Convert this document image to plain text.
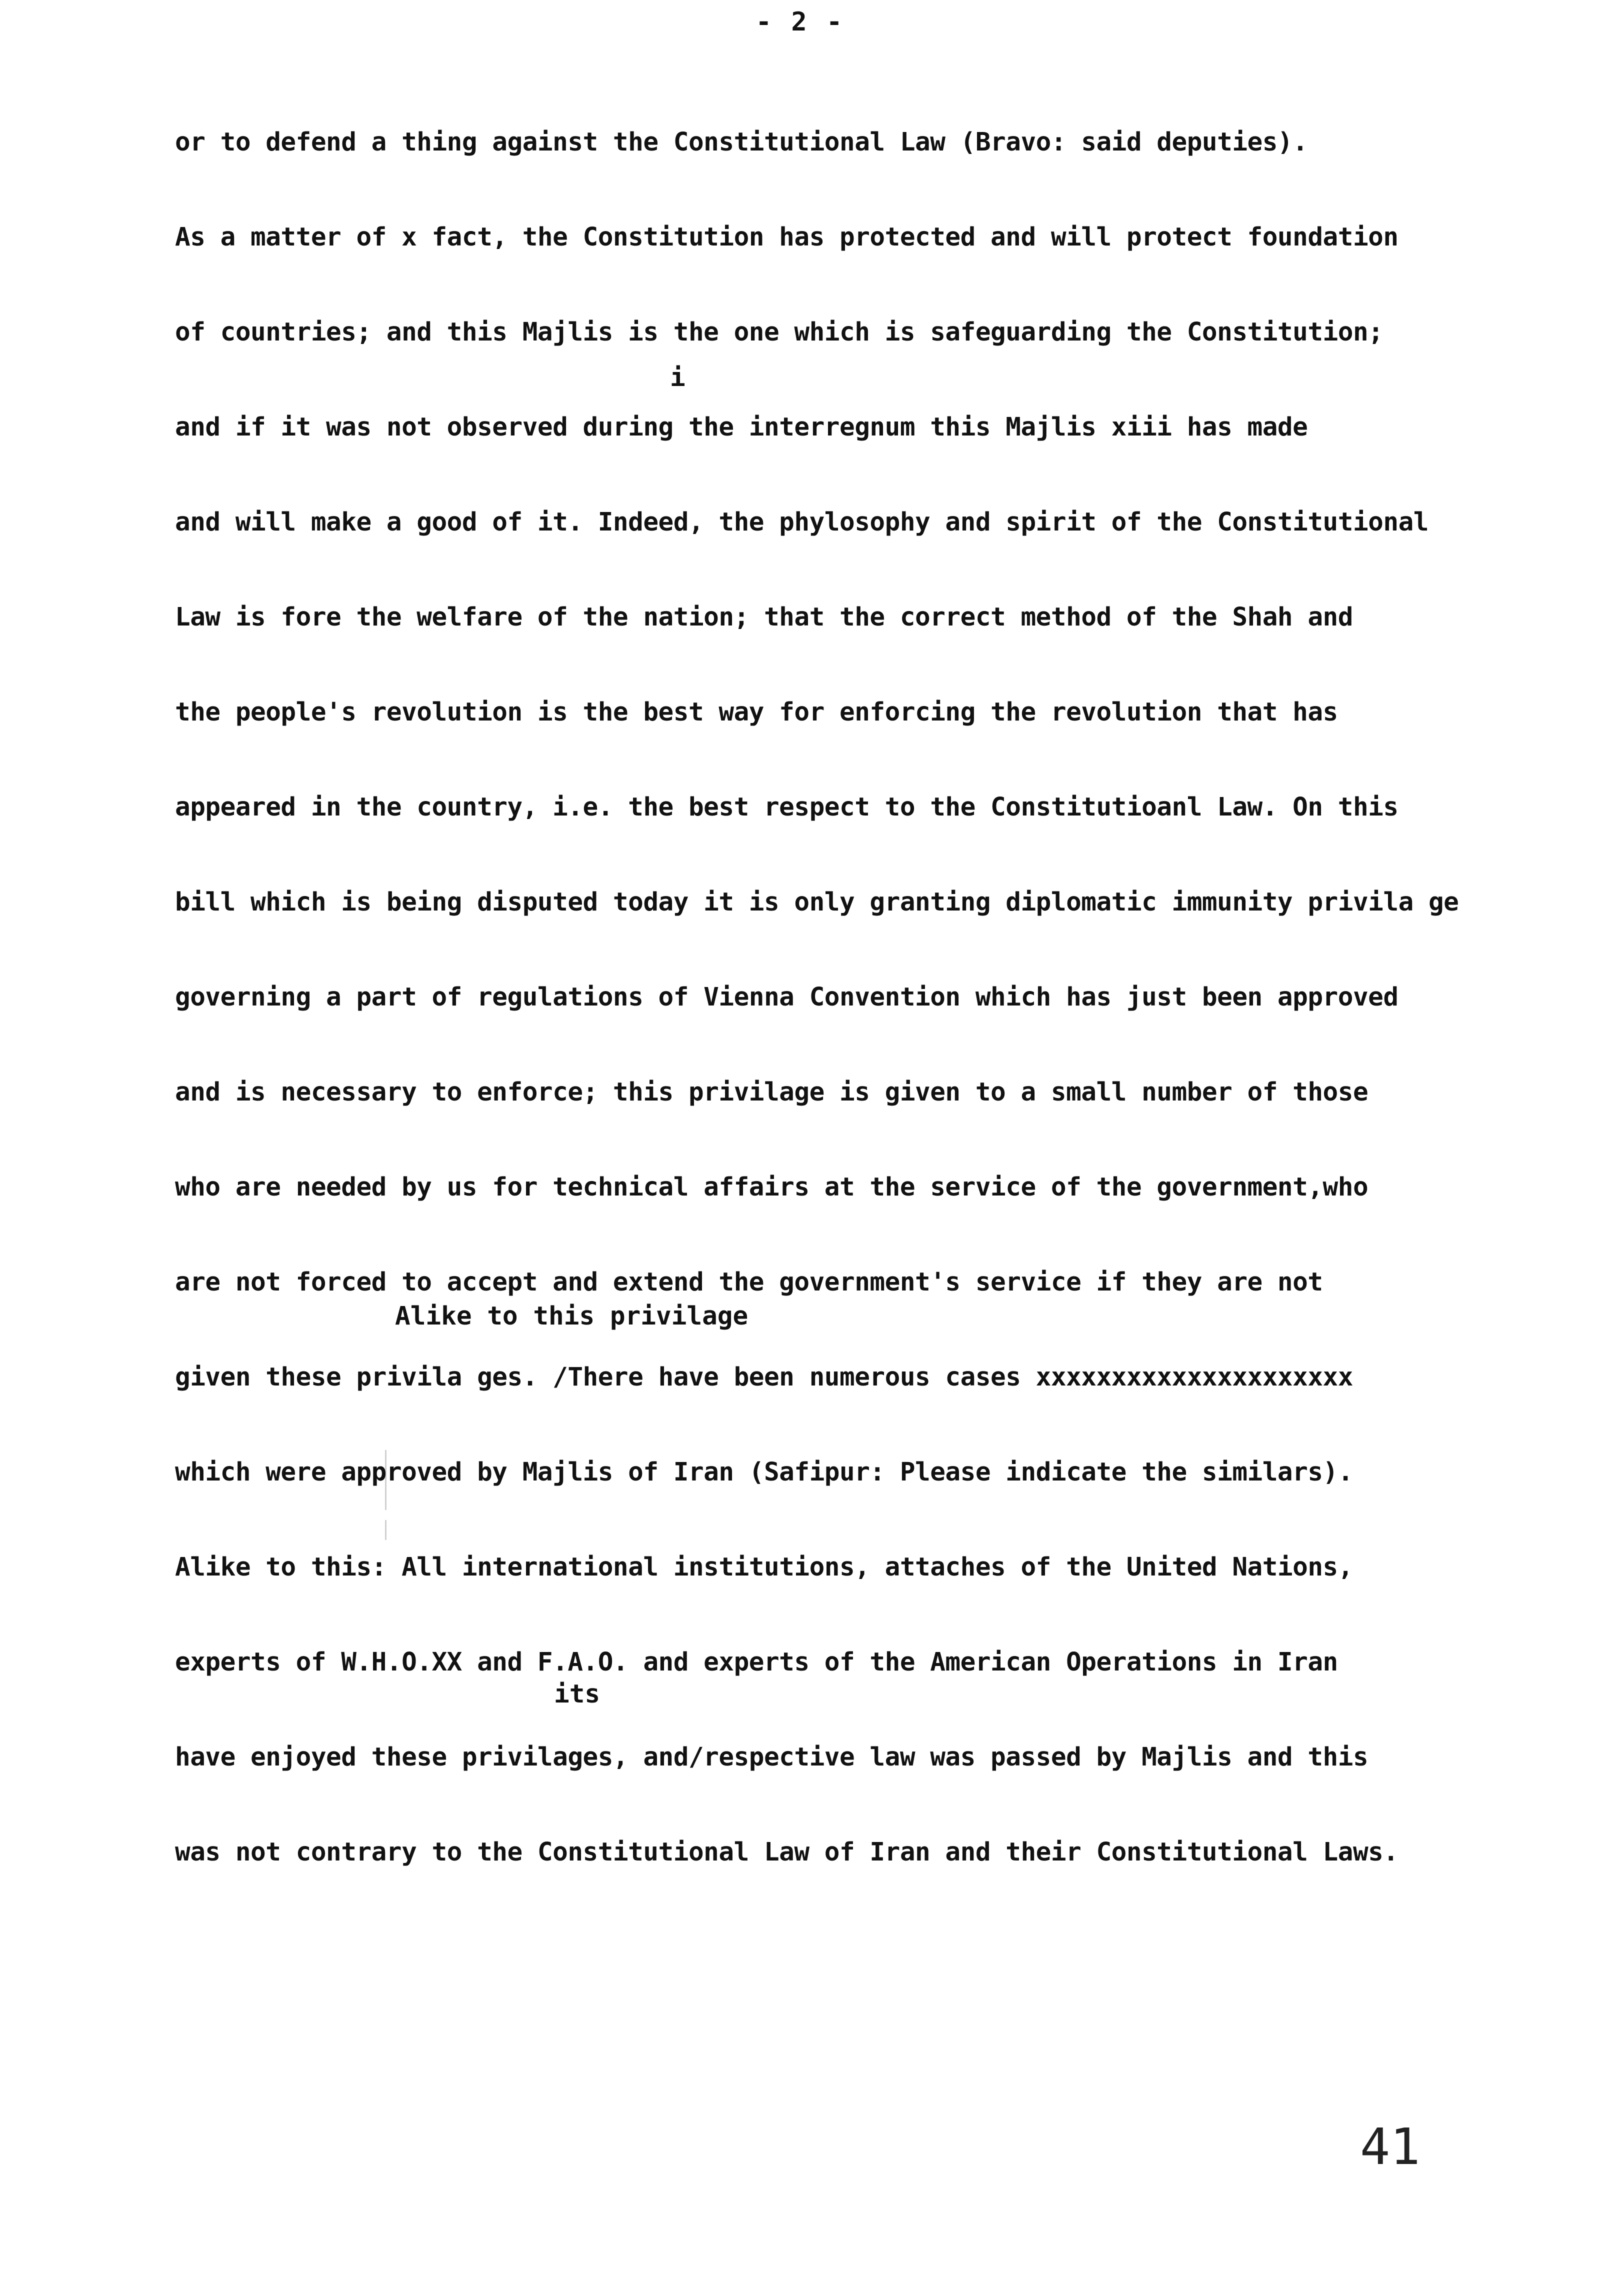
- 2 -
i
Alike to this privilage
its
or to defend a thing against the Constitutional Law (Bravo: said deputies).
As a matter of x fact, the Constitution has protected and will protect foundation
of countries; and this Majlis is the one which is safeguarding the Constitution;
and if it was not observed during the interregnum this Majlis xiii has made
and will make a good of it. Indeed, the phylosophy and spirit of the Constitutional
Law is fore the welfare of the nation; that the correct method of the Shah and
the people's revolution is the best way for enforcing the revolution that has
appeared in the country, i.e. the best respect to the Constitutioanl Law. On this
bill which is being disputed today it is only granting diplomatic immunity privila ge
governing a part of regulations of Vienna Convention which has just been approved
and is necessary to enforce; this privilage is given to a small number of those
who are needed by us for technical affairs at the service of the government,who
are not forced to accept and extend the government's service if they are not
given these privila ges. /There have been numerous cases xxxxxxxxxxxxxxxxxxxxx
which were approved by Majlis of Iran (Safipur: Please indicate the similars).
Alike to this: All international institutions, attaches of the United Nations,
experts of W.H.O.XX and F.A.O. and experts of the American Operations in Iran
have enjoyed these privilages, and/respective law was passed by Majlis and this
was not contrary to the Constitutional Law of Iran and their Constitutional Laws.
41
